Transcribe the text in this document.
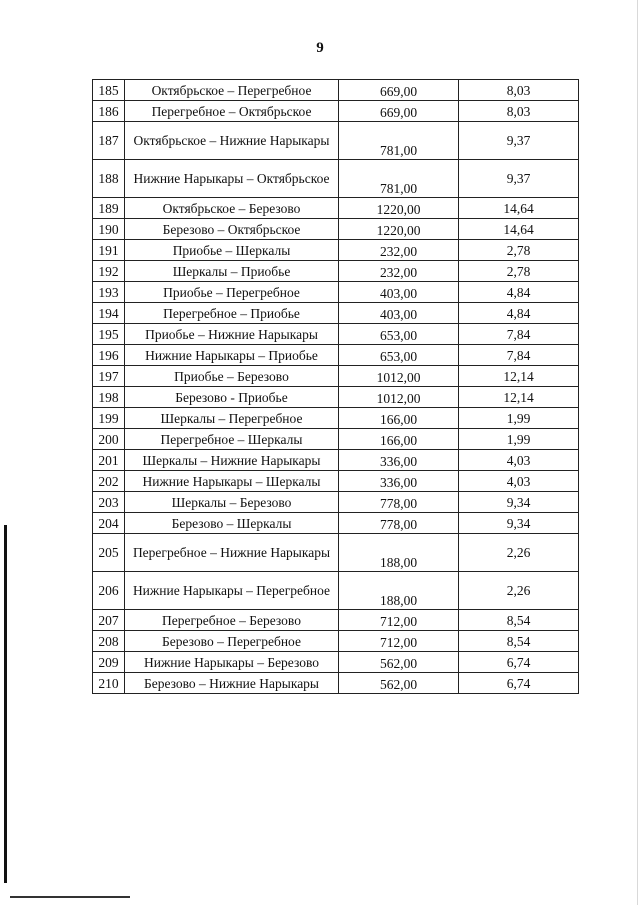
9
185	Октябрьское – Перегребное	669,00	8,03
186	Перегребное – Октябрьское	669,00	8,03
187	Октябрьское – Нижние Нарыкары	781,00	9,37
188	Нижние Нарыкары – Октябрьское	781,00	9,37
189	Октябрьское – Березово	1220,00	14,64
190	Березово – Октябрьское	1220,00	14,64
191	Приобье – Шеркалы	232,00	2,78
192	Шеркалы – Приобье	232,00	2,78
193	Приобье – Перегребное	403,00	4,84
194	Перегребное – Приобье	403,00	4,84
195	Приобье – Нижние Нарыкары	653,00	7,84
196	Нижние Нарыкары – Приобье	653,00	7,84
197	Приобье – Березово	1012,00	12,14
198	Березово - Приобье	1012,00	12,14
199	Шеркалы – Перегребное	166,00	1,99
200	Перегребное – Шеркалы	166,00	1,99
201	Шеркалы – Нижние Нарыкары	336,00	4,03
202	Нижние Нарыкары – Шеркалы	336,00	4,03
203	Шеркалы – Березово	778,00	9,34
204	Березово – Шеркалы	778,00	9,34
205	Перегребное – Нижние Нарыкары	188,00	2,26
206	Нижние Нарыкары – Перегребное	188,00	2,26
207	Перегребное – Березово	712,00	8,54
208	Березово – Перегребное	712,00	8,54
209	Нижние Нарыкары – Березово	562,00	6,74
210	Березово – Нижние Нарыкары	562,00	6,74
